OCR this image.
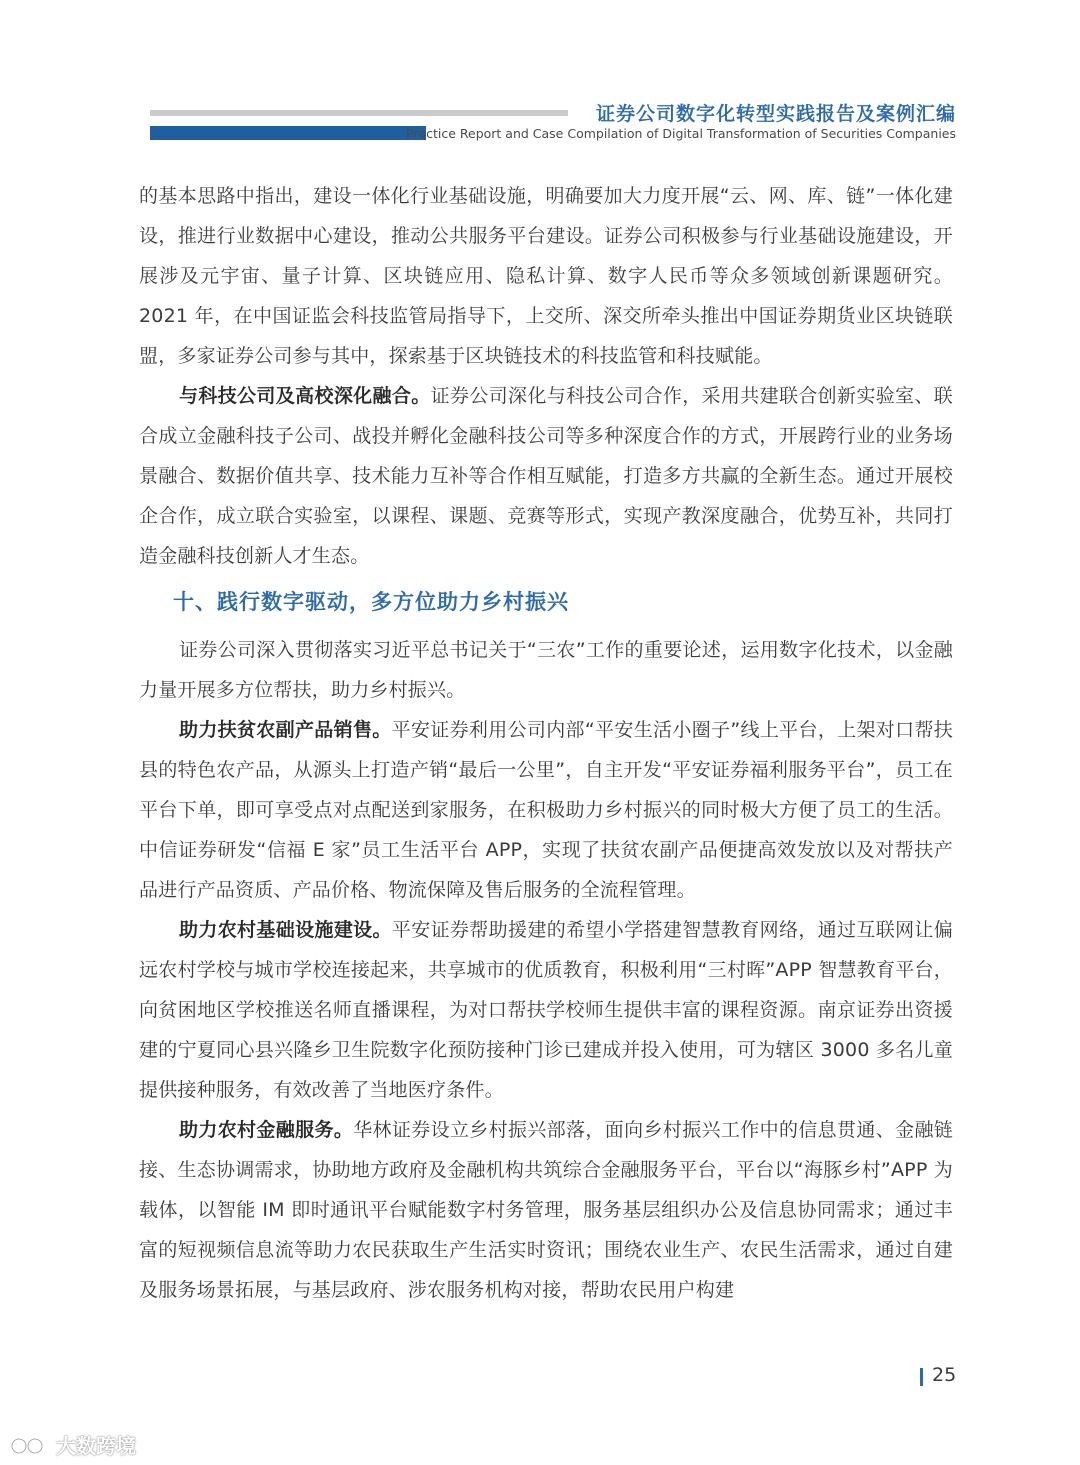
证券公司数字化转型实践报告及案例汇编
Practice Report and Case Compilation of Digital Transformation of Securities Companies

的基本思路中指出，建设一体化行业基础设施，明确要加大力度开展“云、网、库、链”一体化建设，推进行业数据中心建设，推动公共服务平台建设。证券公司积极参与行业基础设施建设，开展涉及元宇宙、量子计算、区块链应用、隐私计算、数字人民币等众多领域创新课题研究。2021 年，在中国证监会科技监管局指导下，上交所、深交所牵头推出中国证券期货业区块链联盟，多家证券公司参与其中，探索基于区块链技术的科技监管和科技赋能。

与科技公司及高校深化融合。证券公司深化与科技公司合作，采用共建联合创新实验室、联合成立金融科技子公司、战投并孵化金融科技公司等多种深度合作的方式，开展跨行业的业务场景融合、数据价值共享、技术能力互补等合作相互赋能，打造多方共赢的全新生态。通过开展校企合作，成立联合实验室，以课程、课题、竞赛等形式，实现产教深度融合，优势互补，共同打造金融科技创新人才生态。

十、践行数字驱动，多方位助力乡村振兴

证券公司深入贯彻落实习近平总书记关于“三农”工作的重要论述，运用数字化技术，以金融力量开展多方位帮扶，助力乡村振兴。

助力扶贫农副产品销售。平安证券利用公司内部“平安生活小圈子”线上平台，上架对口帮扶县的特色农产品，从源头上打造产销“最后一公里”，自主开发“平安证券福利服务平台”，员工在平台下单，即可享受点对点配送到家服务，在积极助力乡村振兴的同时极大方便了员工的生活。中信证券研发“信福 E 家”员工生活平台 APP，实现了扶贫农副产品便捷高效发放以及对帮扶产品进行产品资质、产品价格、物流保障及售后服务的全流程管理。

助力农村基础设施建设。平安证券帮助援建的希望小学搭建智慧教育网络，通过互联网让偏远农村学校与城市学校连接起来，共享城市的优质教育，积极利用“三村晖”APP 智慧教育平台，向贫困地区学校推送名师直播课程，为对口帮扶学校师生提供丰富的课程资源。南京证券出资援建的宁夏同心县兴隆乡卫生院数字化预防接种门诊已建成并投入使用，可为辖区 3000 多名儿童提供接种服务，有效改善了当地医疗条件。

助力农村金融服务。华林证券设立乡村振兴部落，面向乡村振兴工作中的信息贯通、金融链接、生态协调需求，协助地方政府及金融机构共筑综合金融服务平台，平台以“海豚乡村”APP 为载体，以智能 IM 即时通讯平台赋能数字村务管理，服务基层组织办公及信息协同需求；通过丰富的短视频信息流等助力农民获取生产生活实时资讯；围绕农业生产、农民生活需求，通过自建及服务场景拓展，与基层政府、涉农服务机构对接，帮助农民用户构建

25
大数跨境
